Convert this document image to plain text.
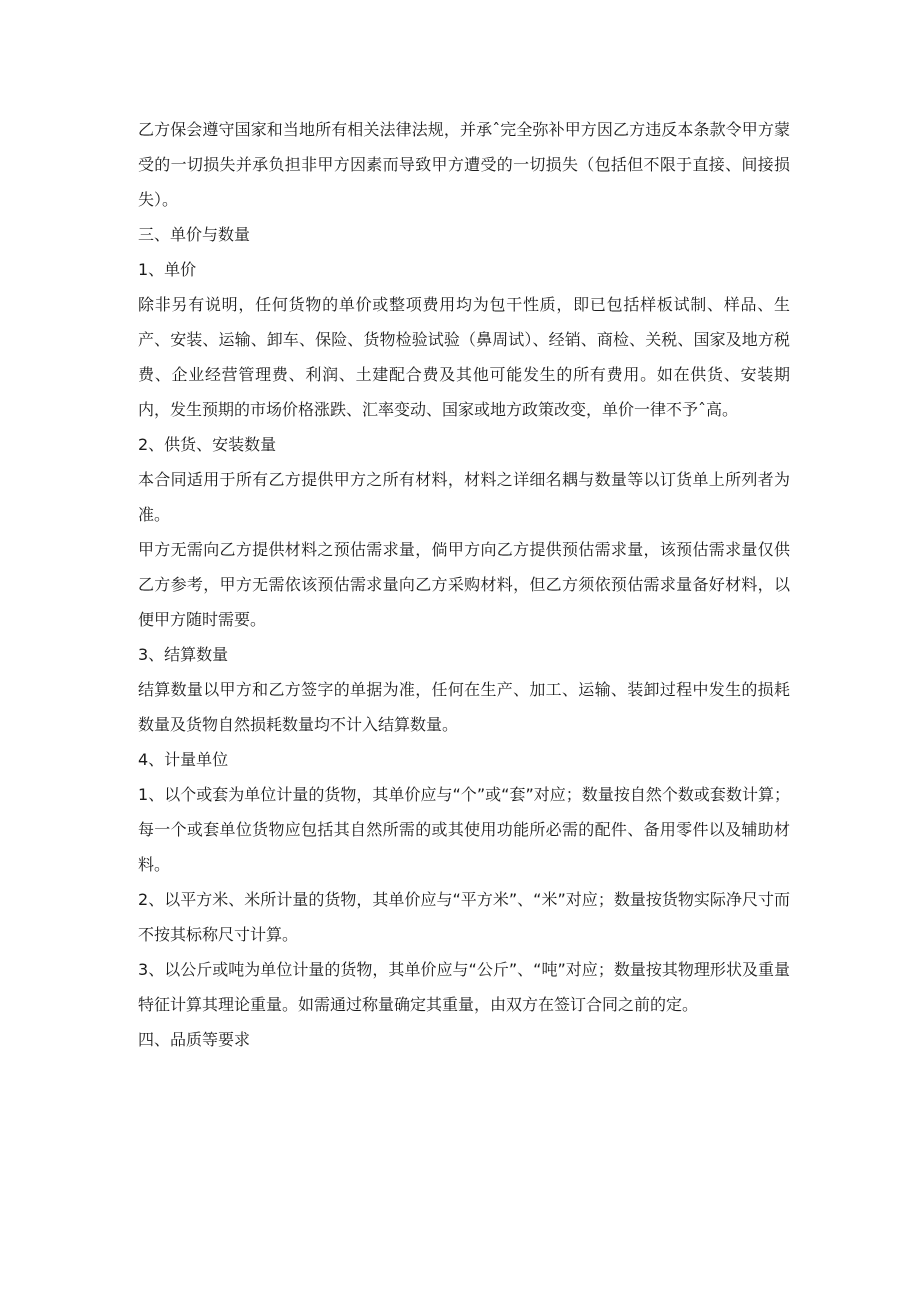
乙方保会遵守国家和当地所有相关法律法规，并承ˆ完全弥补甲方因乙方违反本条款令甲方蒙受的一切损失并承负担非甲方因素而导致甲方遭受的一切损失（包括但不限于直接、间接损失）。

三、单价与数量

1、单价

除非另有说明，任何货物的单价或整项费用均为包干性质，即已包括样板试制、样品、生产、安装、运输、卸车、保险、货物检验试验（鼻周试）、经销、商检、关税、国家及地方税费、企业经营管理费、利润、土建配合费及其他可能发生的所有费用。如在供货、安装期内，发生预期的市场价格涨跌、汇率变动、国家或地方政策改变，单价一律不予ˆ高。

2、供货、安装数量

本合同适用于所有乙方提供甲方之所有材料，材料之详细名耦与数量等以订货单上所列者为准。

甲方无需向乙方提供材料之预估需求量，倘甲方向乙方提供预估需求量，该预估需求量仅供乙方参考，甲方无需依该预估需求量向乙方采购材料，但乙方须依预估需求量备好材料，以便甲方随时需要。

3、结算数量

结算数量以甲方和乙方签字的单据为准，任何在生产、加工、运输、装卸过程中发生的损耗数量及货物自然损耗数量均不计入结算数量。

4、计量单位

1、以个或套为单位计量的货物，其单价应与“个”或“套”对应；数量按自然个数或套数计算；每一个或套单位货物应包括其自然所需的或其使用功能所必需的配件、备用零件以及辅助材料。

2、以平方米、米所计量的货物，其单价应与“平方米”、“米”对应；数量按货物实际净尺寸而不按其标称尺寸计算。

3、以公斤或吨为单位计量的货物，其单价应与“公斤”、“吨”对应；数量按其物理形状及重量特征计算其理论重量。如需通过称量确定其重量，由双方在签订合同之前的定。

四、品质等要求
